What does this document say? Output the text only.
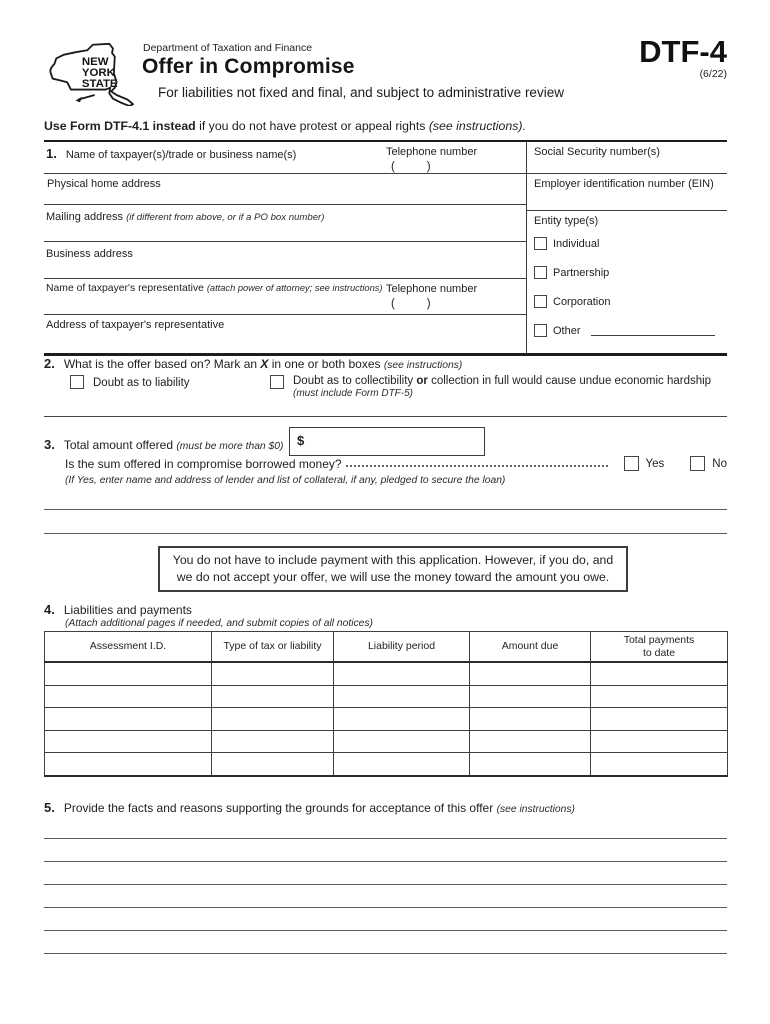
NEW
YORK
STATE
Department of Taxation and Finance
Offer in Compromise
For liabilities not fixed and final, and subject to administrative review
DTF-4
(6/22)
Use Form DTF-4.1 instead if you do not have protest or appeal rights (see instructions).
1. Name of taxpayer(s)/trade or business name(s)	Telephone number
(          )
Physical home address
Mailing address (if different from above, or if a PO box number)
Business address
Name of taxpayer's representative (attach power of attorney; see instructions) Telephone number
(          )
Address of taxpayer's representative
Social Security number(s)
Employer identification number (EIN)
Entity type(s)
Individual
Partnership
Corporation
Other
2. What is the offer based on? Mark an X in one or both boxes (see instructions)
Doubt as to liability	Doubt as to collectibility or collection in full would cause undue economic hardship
(must include Form DTF-5)
3. Total amount offered (must be more than $0)	$
Is the sum offered in compromise borrowed money?	Yes	No
(If Yes, enter name and address of lender and list of collateral, if any, pledged to secure the loan)
You do not have to include payment with this application. However, if you do, and we do not accept your offer, we will use the money toward the amount you owe.
4. Liabilities and payments
(Attach additional pages if needed, and submit copies of all notices)
Assessment I.D.	Type of tax or liability	Liability period	Amount due	Total payments
to date

5. Provide the facts and reasons supporting the grounds for acceptance of this offer (see instructions)
